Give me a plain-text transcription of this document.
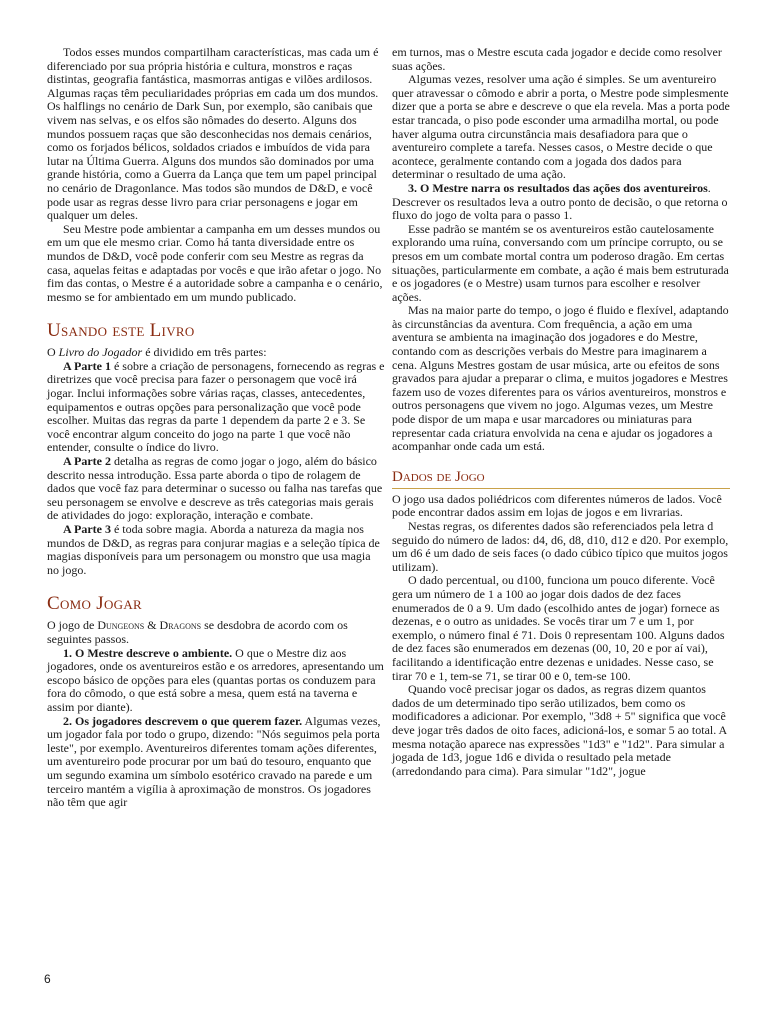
Todos esses mundos compartilham características, mas cada um é diferenciado por sua própria história e cultura, monstros e raças distintas, geografia fantástica, masmorras antigas e vilões ardilosos. Algumas raças têm peculiaridades próprias em cada um dos mundos. Os halflings no cenário de Dark Sun, por exemplo, são canibais que vivem nas selvas, e os elfos são nômades do deserto. Alguns dos mundos possuem raças que são desconhecidas nos demais cenários, como os forjados bélicos, soldados criados e imbuídos de vida para lutar na Última Guerra. Alguns dos mundos são dominados por uma grande história, como a Guerra da Lança que tem um papel principal no cenário de Dragonlance. Mas todos são mundos de D&D, e você pode usar as regras desse livro para criar personagens e jogar em qualquer um deles.

Seu Mestre pode ambientar a campanha em um desses mundos ou em um que ele mesmo criar. Como há tanta diversidade entre os mundos de D&D, você pode conferir com seu Mestre as regras da casa, aquelas feitas e adaptadas por vocês e que irão afetar o jogo. No fim das contas, o Mestre é a autoridade sobre a campanha e o cenário, mesmo se for ambientado em um mundo publicado.

Usando este Livro

O Livro do Jogador é dividido em três partes:

A Parte 1 é sobre a criação de personagens, fornecendo as regras e diretrizes que você precisa para fazer o personagem que você irá jogar. Inclui informações sobre várias raças, classes, antecedentes, equipamentos e outras opções para personalização que você pode escolher. Muitas das regras da parte 1 dependem da parte 2 e 3. Se você encontrar algum conceito do jogo na parte 1 que você não entender, consulte o índice do livro.

A Parte 2 detalha as regras de como jogar o jogo, além do básico descrito nessa introdução. Essa parte aborda o tipo de rolagem de dados que você faz para determinar o sucesso ou falha nas tarefas que seu personagem se envolve e descreve as três categorias mais gerais de atividades do jogo: exploração, interação e combate.

A Parte 3 é toda sobre magia. Aborda a natureza da magia nos mundos de D&D, as regras para conjurar magias e a seleção típica de magias disponíveis para um personagem ou monstro que usa magia no jogo.

Como Jogar

O jogo de Dungeons & Dragons se desdobra de acordo com os seguintes passos.

1. O Mestre descreve o ambiente. O que o Mestre diz aos jogadores, onde os aventureiros estão e os arredores, apresentando um escopo básico de opções para eles (quantas portas os conduzem para fora do cômodo, o que está sobre a mesa, quem está na taverna e assim por diante).

2. Os jogadores descrevem o que querem fazer. Algumas vezes, um jogador fala por todo o grupo, dizendo: "Nós seguimos pela porta leste", por exemplo. Aventureiros diferentes tomam ações diferentes, um aventureiro pode procurar por um baú do tesouro, enquanto que um segundo examina um símbolo esotérico cravado na parede e um terceiro mantém a vigília à aproximação de monstros. Os jogadores não têm que agir

em turnos, mas o Mestre escuta cada jogador e decide como resolver suas ações.

Algumas vezes, resolver uma ação é simples. Se um aventureiro quer atravessar o cômodo e abrir a porta, o Mestre pode simplesmente dizer que a porta se abre e descreve o que ela revela. Mas a porta pode estar trancada, o piso pode esconder uma armadilha mortal, ou pode haver alguma outra circunstância mais desafiadora para que o aventureiro complete a tarefa. Nesses casos, o Mestre decide o que acontece, geralmente contando com a jogada dos dados para determinar o resultado de uma ação.

3. O Mestre narra os resultados das ações dos aventureiros. Descrever os resultados leva a outro ponto de decisão, o que retorna o fluxo do jogo de volta para o passo 1.

Esse padrão se mantém se os aventureiros estão cautelosamente explorando uma ruína, conversando com um príncipe corrupto, ou se presos em um combate mortal contra um poderoso dragão. Em certas situações, particularmente em combate, a ação é mais bem estruturada e os jogadores (e o Mestre) usam turnos para escolher e resolver ações.

Mas na maior parte do tempo, o jogo é fluido e flexível, adaptando às circunstâncias da aventura. Com frequência, a ação em uma aventura se ambienta na imaginação dos jogadores e do Mestre, contando com as descrições verbais do Mestre para imaginarem a cena. Alguns Mestres gostam de usar música, arte ou efeitos de sons gravados para ajudar a preparar o clima, e muitos jogadores e Mestres fazem uso de vozes diferentes para os vários aventureiros, monstros e outros personagens que vivem no jogo. Algumas vezes, um Mestre pode dispor de um mapa e usar marcadores ou miniaturas para representar cada criatura envolvida na cena e ajudar os jogadores a acompanhar onde cada um está.

Dados de Jogo

O jogo usa dados poliédricos com diferentes números de lados. Você pode encontrar dados assim em lojas de jogos e em livrarias.

Nestas regras, os diferentes dados são referenciados pela letra d seguido do número de lados: d4, d6, d8, d10, d12 e d20. Por exemplo, um d6 é um dado de seis faces (o dado cúbico típico que muitos jogos utilizam).

O dado percentual, ou d100, funciona um pouco diferente. Você gera um número de 1 a 100 ao jogar dois dados de dez faces enumerados de 0 a 9. Um dado (escolhido antes de jogar) fornece as dezenas, e o outro as unidades. Se vocês tirar um 7 e um 1, por exemplo, o número final é 71. Dois 0 representam 100. Alguns dados de dez faces são enumerados em dezenas (00, 10, 20 e por aí vai), facilitando a identificação entre dezenas e unidades. Nesse caso, se tirar 70 e 1, tem-se 71, se tirar 00 e 0, tem-se 100.

Quando você precisar jogar os dados, as regras dizem quantos dados de um determinado tipo serão utilizados, bem como os modificadores a adicionar. Por exemplo, "3d8 + 5" significa que você deve jogar três dados de oito faces, adicioná-los, e somar 5 ao total. A mesma notação aparece nas expressões "1d3" e "1d2". Para simular a jogada de 1d3, jogue 1d6 e divida o resultado pela metade (arredondando para cima). Para simular "1d2", jogue

6
